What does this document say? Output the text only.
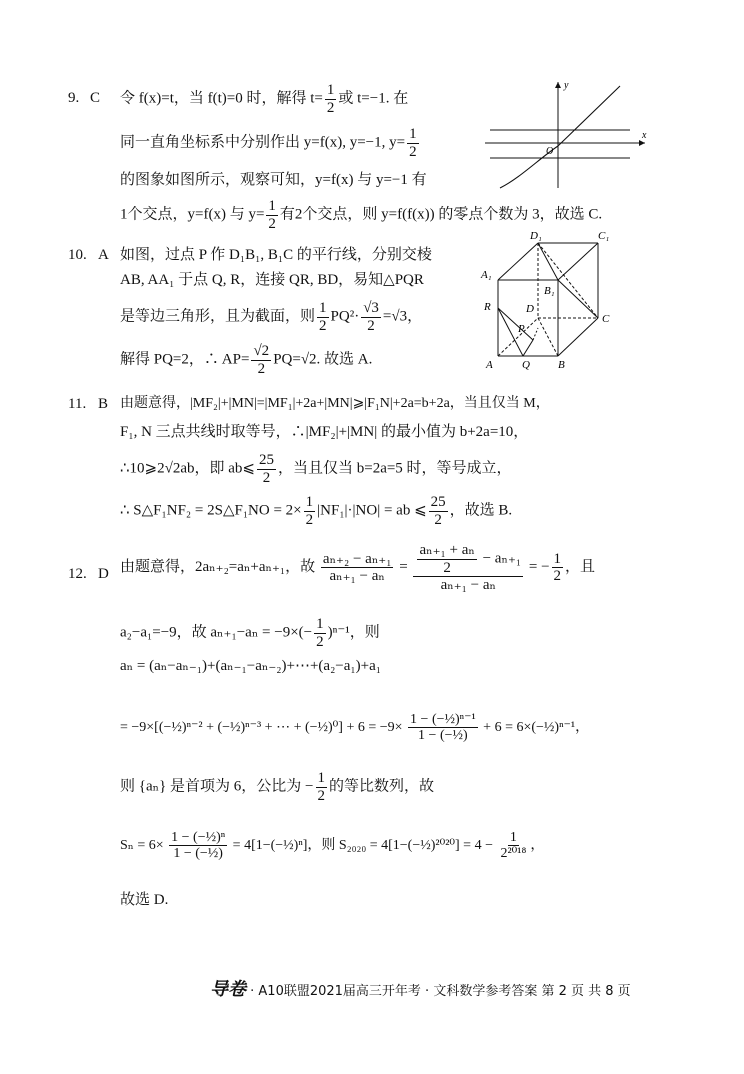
9. C 令 f(x)=t，当 f(t)=0 时，解得 $t= \frac{1}{2}$ 或 t=−1. 在
同一直角坐标系中分别作出 y=f(x), y=−1, $y= \frac{1}{2}$
的图象如图所示，观察可知，y=f(x) 与 y=−1 有
1个交点，y=f(x) 与 $y= \frac{1}{2}$ 有2个交点，则 y=f(f(x)) 的零点个数为 3，故选 C.
y
x
O
10. A 如图，过点 P 作 D₁B₁, B₁C 的平行线，分别交棱
AB, AA₁ 于点 Q, R，连接 QR, BD，易知△PQR
是等边三角形，且为截面，则 $\frac{1}{2} PQ^2\cdot \frac{√3}{2} =√3$，
解得 PQ=2，∴ $AP= \frac{√2}{2} PQ=√2$. 故选 A.
D₁	C₁
A₁
B₁
R	D
P
C
A	Q	B
11. B 由题意得，|MF₂|+|MN|=|MF₁|+2a+|MN|⩾|F₁N|+2a=b+2a，当且仅当 M，
F₁, N 三点共线时取等号，∴|MF₂|+|MN| 的最小值为 b+2a=10，
∴10⩾2√2ab，即 ab⩽ $\frac{25}{2}$ ，当且仅当 b=2a=5 时，等号成立，
∴ S△F₁NF₂ = 2S△F₁NO = $2\times \frac{1}{2} |NF_1|\cdot|NO|$ = ab ⩽ $\frac{25}{2}$ ，故选 B.
12. D 由题意得，2aₙ₊₂=aₙ+aₙ₊₁，故 $\frac{\text{aₙ₊₂ − aₙ₊₁}}{\text{aₙ₊₁ − aₙ}} = \frac{\frac{\text{aₙ₊₁ + aₙ}}{2} - a_{n+1}}{\text{aₙ₊₁ − aₙ}}$ = − $\frac{1}{2}$ ，且
a₂−a₁=−9，故 $a_{n+1}-a_n = -9\times(- \frac{1}{2} )^{n-1}$，则
aₙ = (aₙ−aₙ₋₁)+(aₙ₋₁−aₙ₋₂)+⋯+(a₂−a₁)+a₁
= −9×[(−½)ⁿ⁻² + (−½)ⁿ⁻³ + ⋯ + (−½)⁰] + $6 = -9\times \frac{\text{1 − (−½)ⁿ⁻¹}}{\text{1 − (−½)}} + 6$ = 6×(−½)ⁿ⁻¹，
则 {aₙ} 是首项为 6，公比为 − $\frac{1}{2}$ 的等比数列，故
$S_n = 6\times \frac{\text{1 − (−½)ⁿ}}{\text{1 − (−½)}}$ = 4[1−(−½)ⁿ]，则 S₂₀₂₀ = 4[1−(−½)²⁰²⁰] = $4 - \frac{1}{\text{2²⁰¹⁸}}$ ，
故选 D.
导卷 · A10联盟2021届高三开年考 · 文科数学参考答案 第 2 页 共 8 页
